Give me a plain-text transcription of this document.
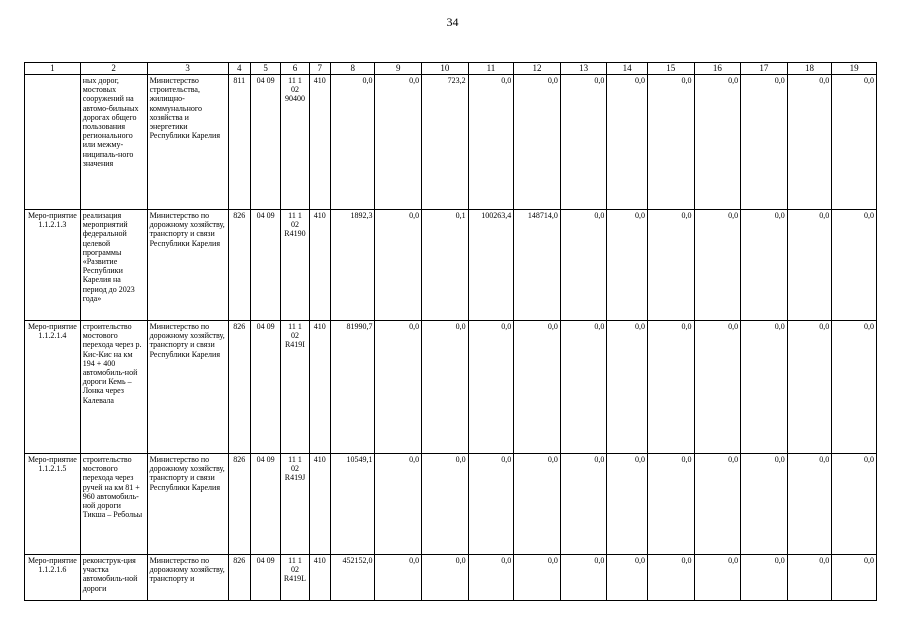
34
1	2	3	4	5	6	7	8	9	10	11	12	13	14	15	16	17	18	19
	ных дорог, мостовых сооружений на автомо-бильных дорогах общего пользования регионального или межму-ниципаль-ного значения	Министерство строительства, жилищно-коммунального хозяйства и энергетики Республики Карелия	811	04 09	11 1 02 90400	410	0,0	0,0	723,2	0,0	0,0	0,0	0,0	0,0	0,0	0,0	0,0	0,0
Меро-приятие 1.1.2.1.3	реализация мероприятий федеральной целевой программы «Развитие Республики Карелия на период до 2023 года»	Министерство по дорожному хозяйству, транспорту и связи Республики Карелия	826	04 09	11 1 02 R4190	410	1892,3	0,0	0,1	100263,4	148714,0	0,0	0,0	0,0	0,0	0,0	0,0	0,0
Меро-приятие 1.1.2.1.4	строительство мостового перехода через р. Кис-Кис на км 194 + 400 автомобиль-ной дороги Кемь – Лонка через Калевала	Министерство по дорожному хозяйству, транспорту и связи Республики Карелия	826	04 09	11 1 02 R419I	410	81990,7	0,0	0,0	0,0	0,0	0,0	0,0	0,0	0,0	0,0	0,0	0,0
Меро-приятие 1.1.2.1.5	строительство мостового перехода через ручей на км 81 + 960 автомобиль-ной дороги Тикша – Ребольы	Министерство по дорожному хозяйству, транспорту и связи Республики Карелия	826	04 09	11 1 02 R419J	410	10549,1	0,0	0,0	0,0	0,0	0,0	0,0	0,0	0,0	0,0	0,0	0,0
Меро-приятие 1.1.2.1.6	реконструк-ция участка автомобиль-ной дороги	Министерство по дорожному хозяйству, транспорту и	826	04 09	11 1 02 R419L	410	452152,0	0,0	0,0	0,0	0,0	0,0	0,0	0,0	0,0	0,0	0,0	0,0
